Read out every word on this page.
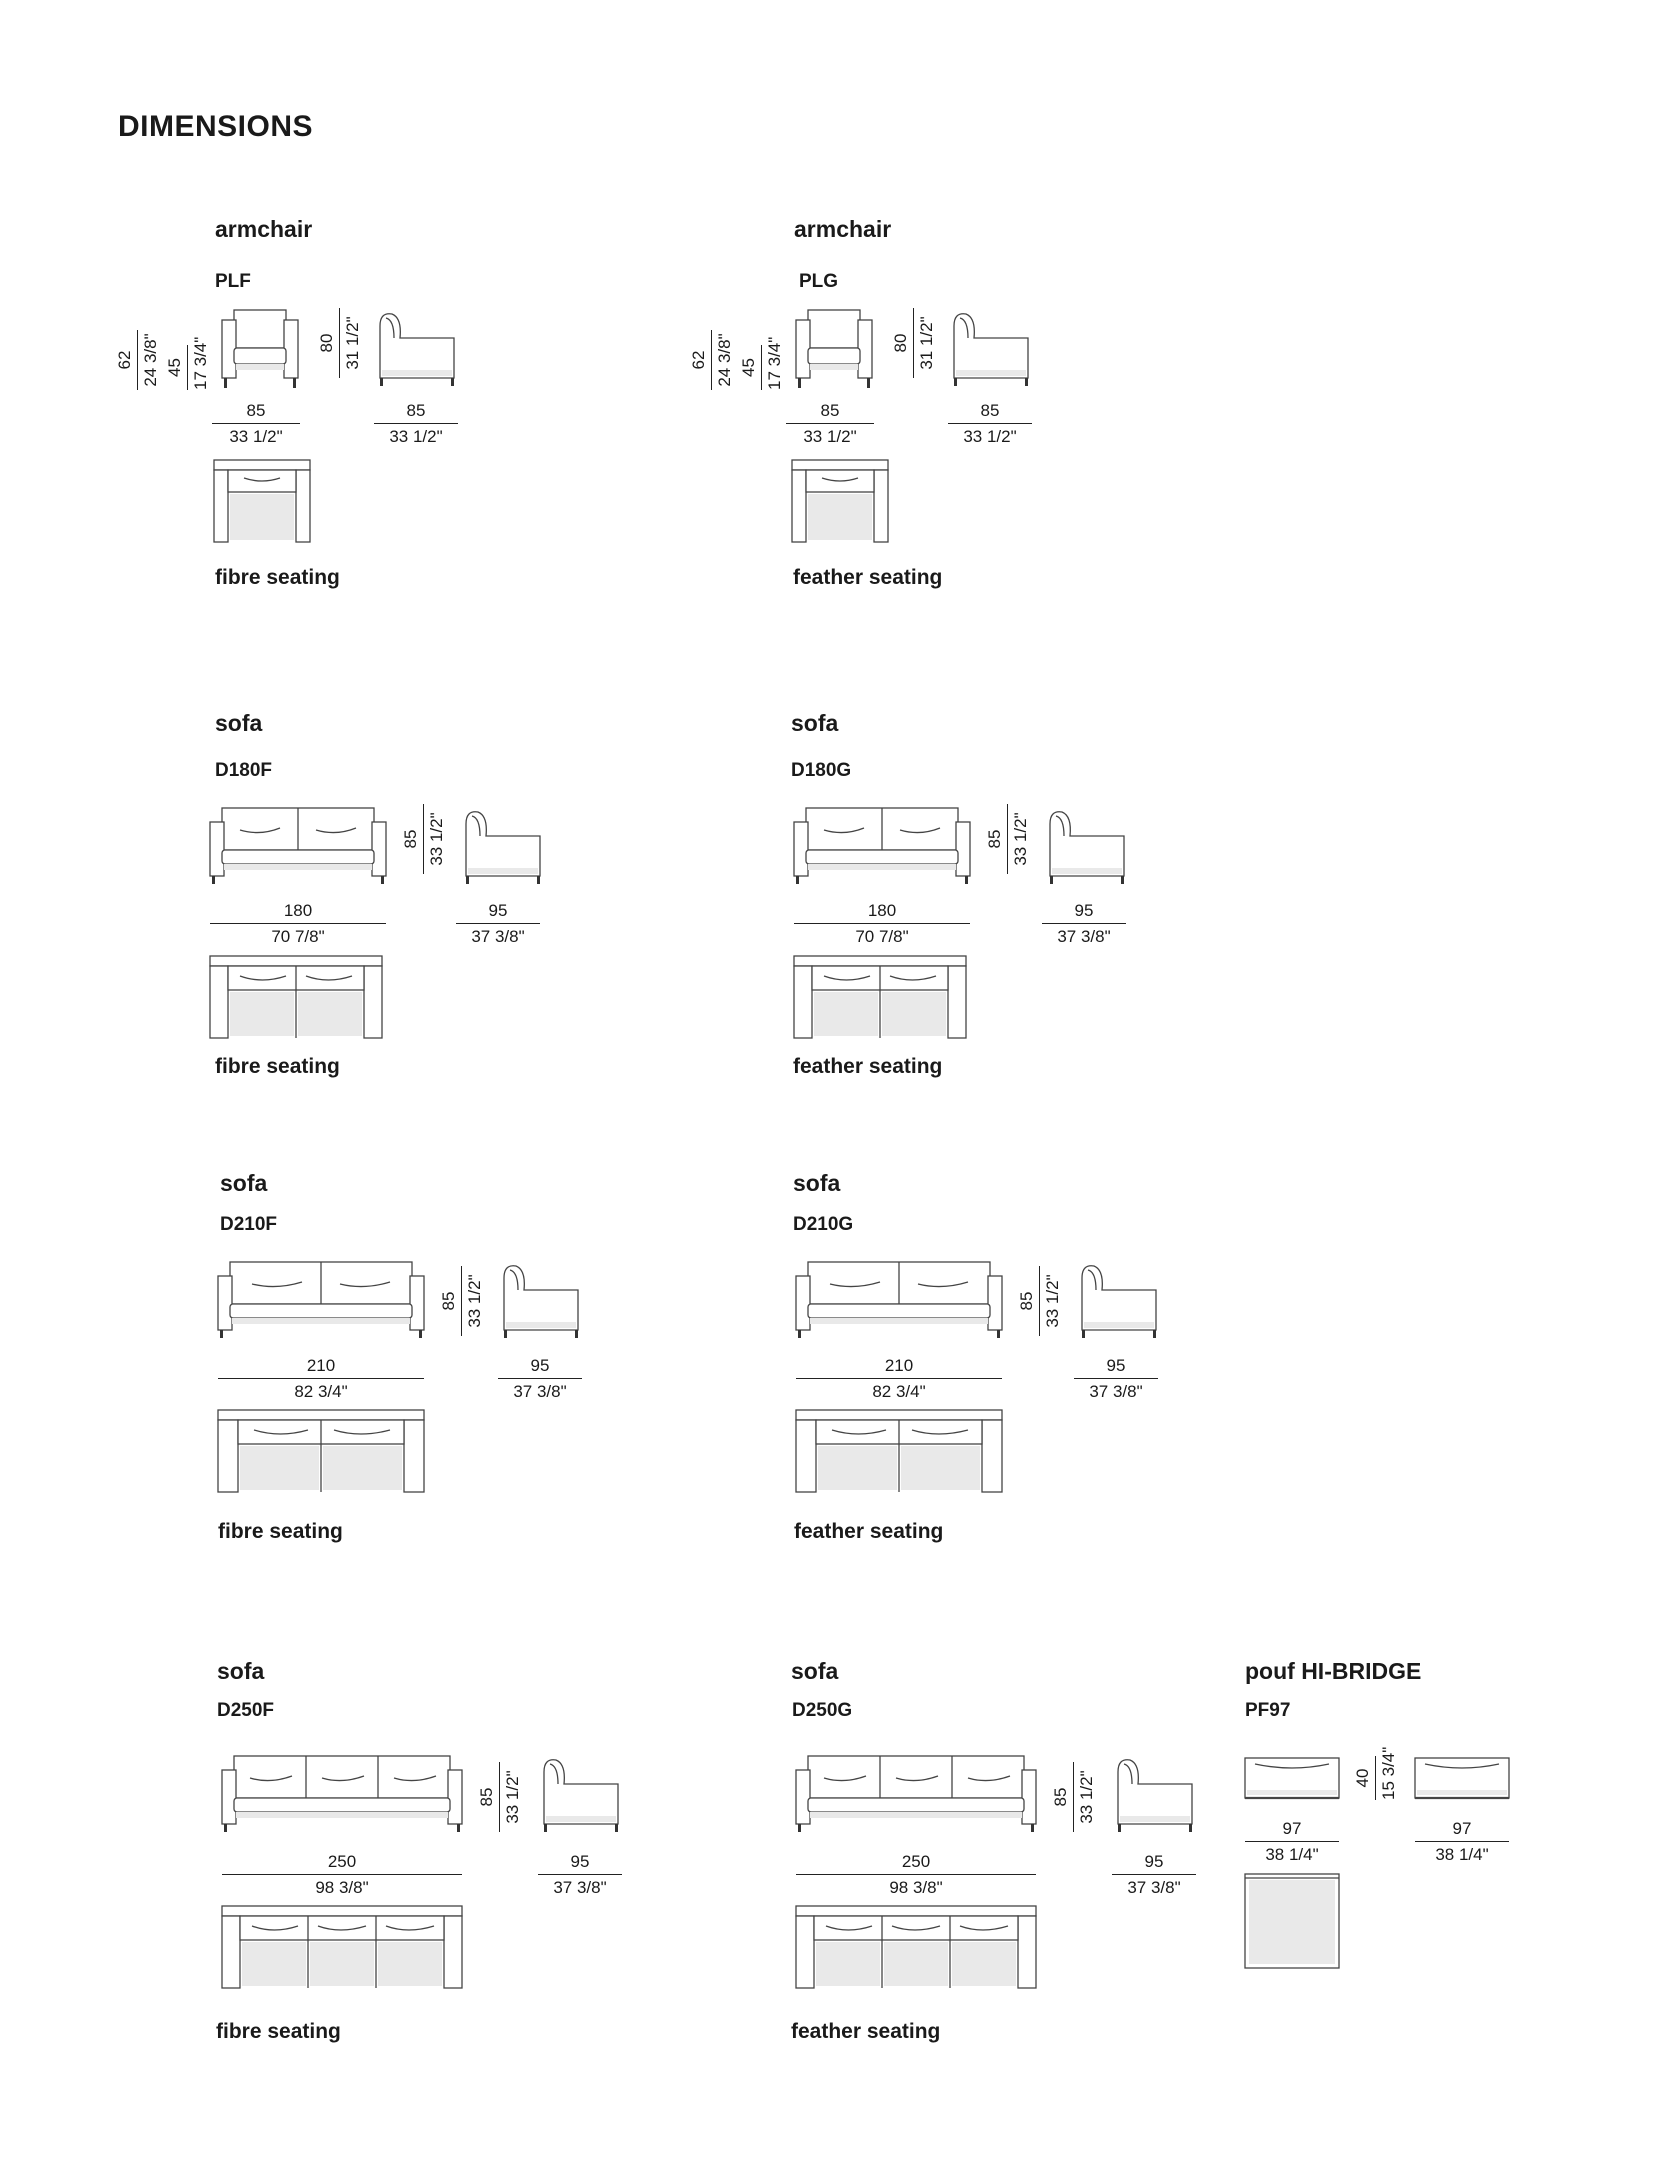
DIMENSIONS
armchair
PLF
62 24 3/8" 45 17 3/4"	80 31 1/2"
85
33 1/2"
85
33 1/2"
fibre seating
armchair
PLG
62 24 3/8" 45 17 3/4"	80 31 1/2"
85
33 1/2"
85
33 1/2"
feather seating
sofa
D180F
85 33 1/2"
180
70 7/8"
95
37 3/8"
fibre seating
sofa
D180G
85 33 1/2"
180
70 7/8"
95
37 3/8"
feather seating
sofa
D210F
85 33 1/2"
210
82 3/4"
95
37 3/8"
fibre seating
sofa
D210G
85 33 1/2"
210
82 3/4"
95
37 3/8"
feather seating
sofa
D250F
85 33 1/2"
250
98 3/8"
95
37 3/8"
fibre seating
sofa
D250G
85 33 1/2"
250
98 3/8"
95
37 3/8"
feather seating
pouf HI-BRIDGE
PF97
40 15 3/4"
97
38 1/4"
97
38 1/4"
